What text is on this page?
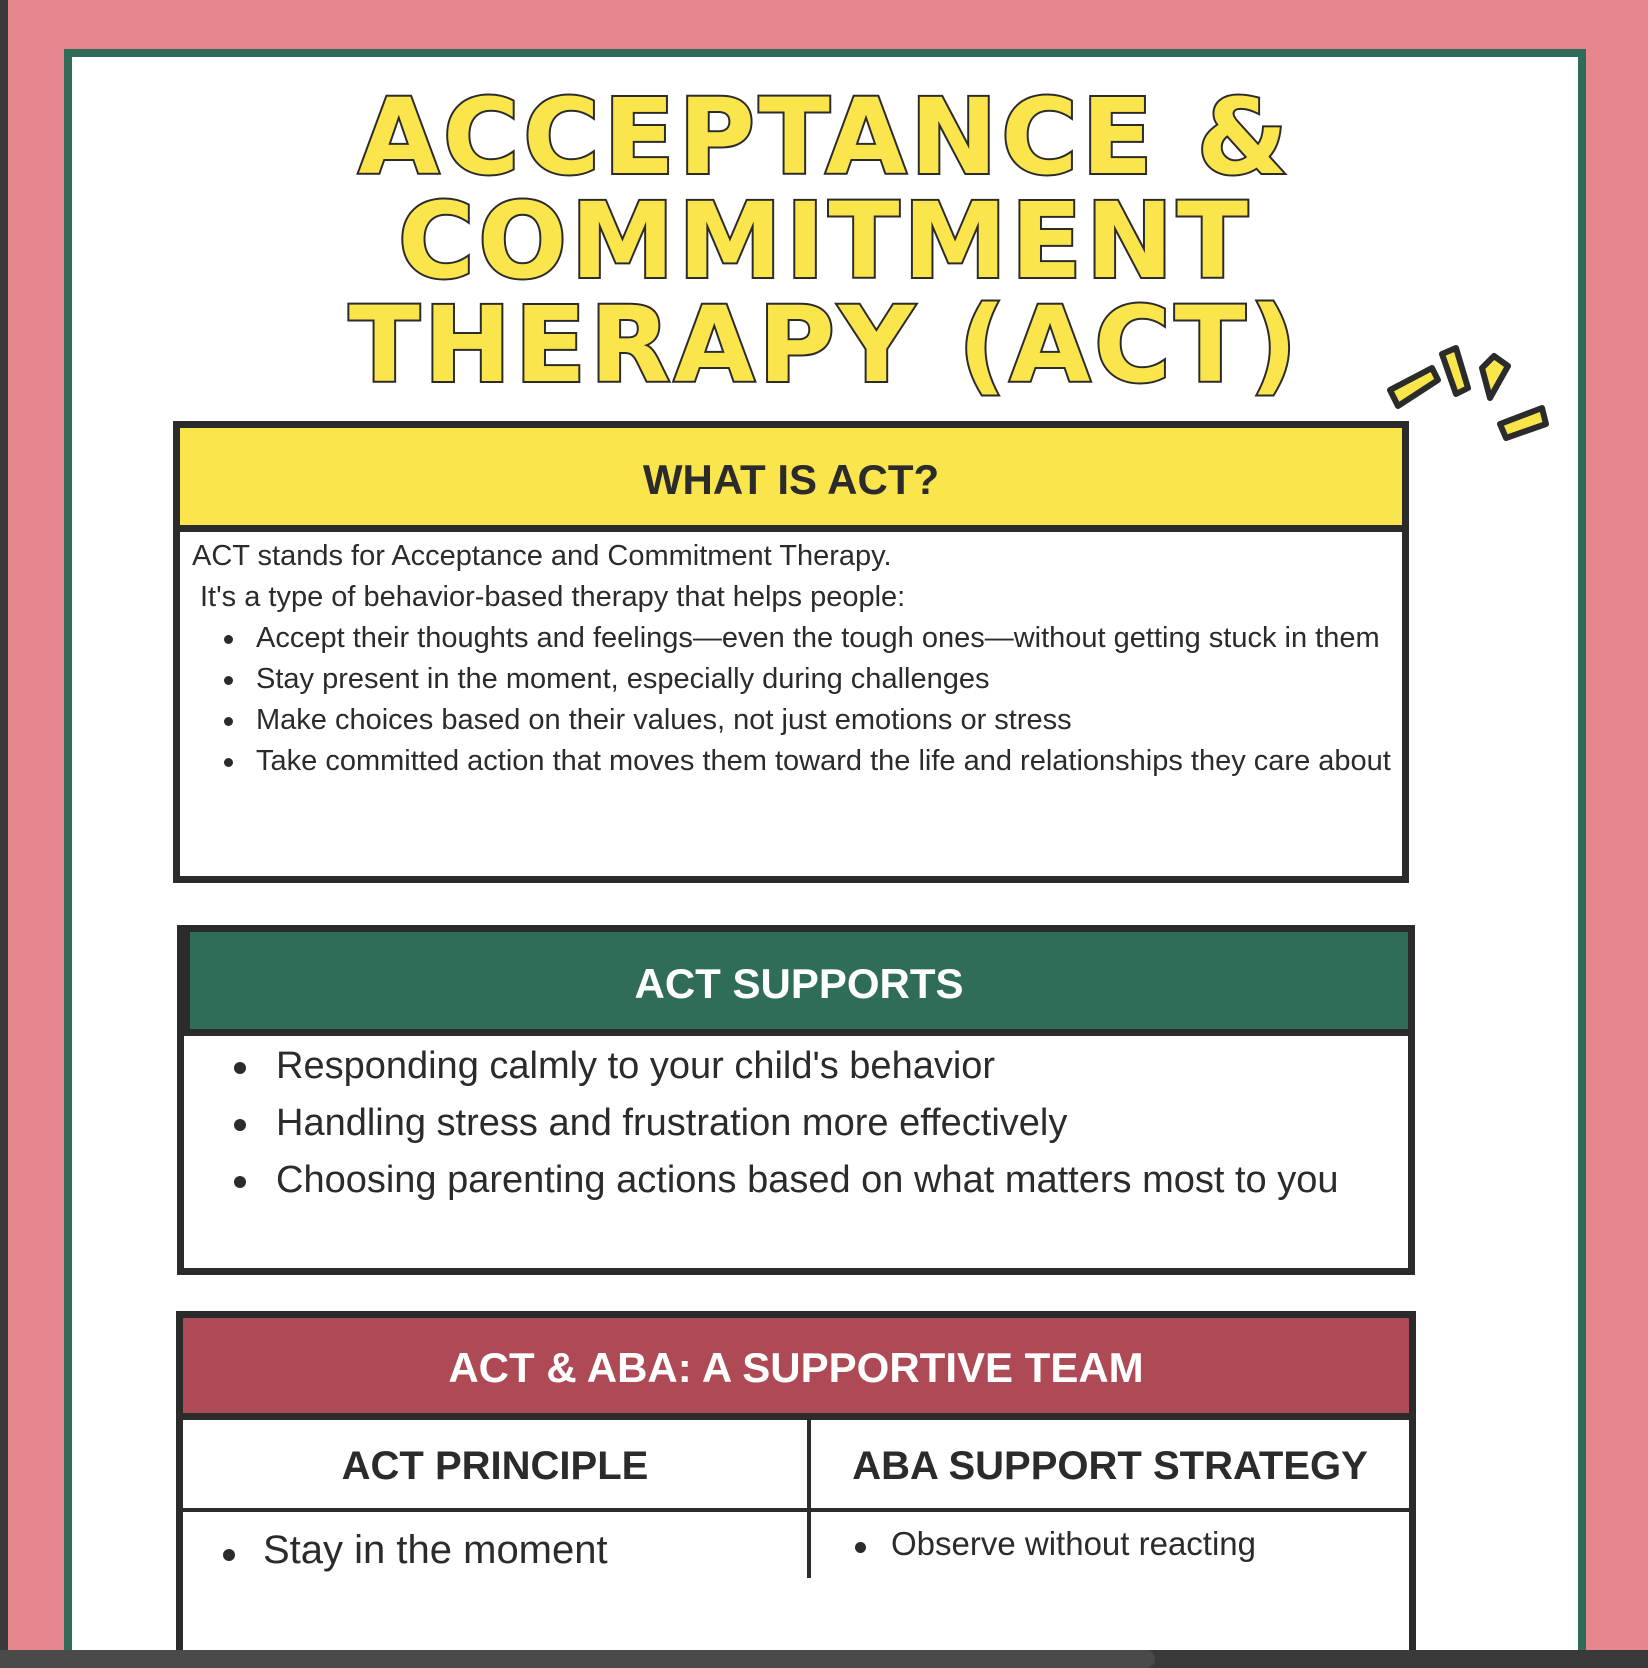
ACCEPTANCE &
COMMITMENT
THERAPY (ACT)
WHAT IS ACT?
ACT stands for Acceptance and Commitment Therapy.
It's a type of behavior-based therapy that helps people:
Accept their thoughts and feelings—even the tough ones—without getting stuck in them
Stay present in the moment, especially during challenges
Make choices based on their values, not just emotions or stress
Take committed action that moves them toward the life and relationships they care about
ACT SUPPORTS
Responding calmly to your child's behavior
Handling stress and frustration more effectively
Choosing parenting actions based on what matters most to you
ACT & ABA: A SUPPORTIVE TEAM
ACT PRINCIPLE	ABA SUPPORT STRATEGY
Stay in the moment	Observe without reacting
